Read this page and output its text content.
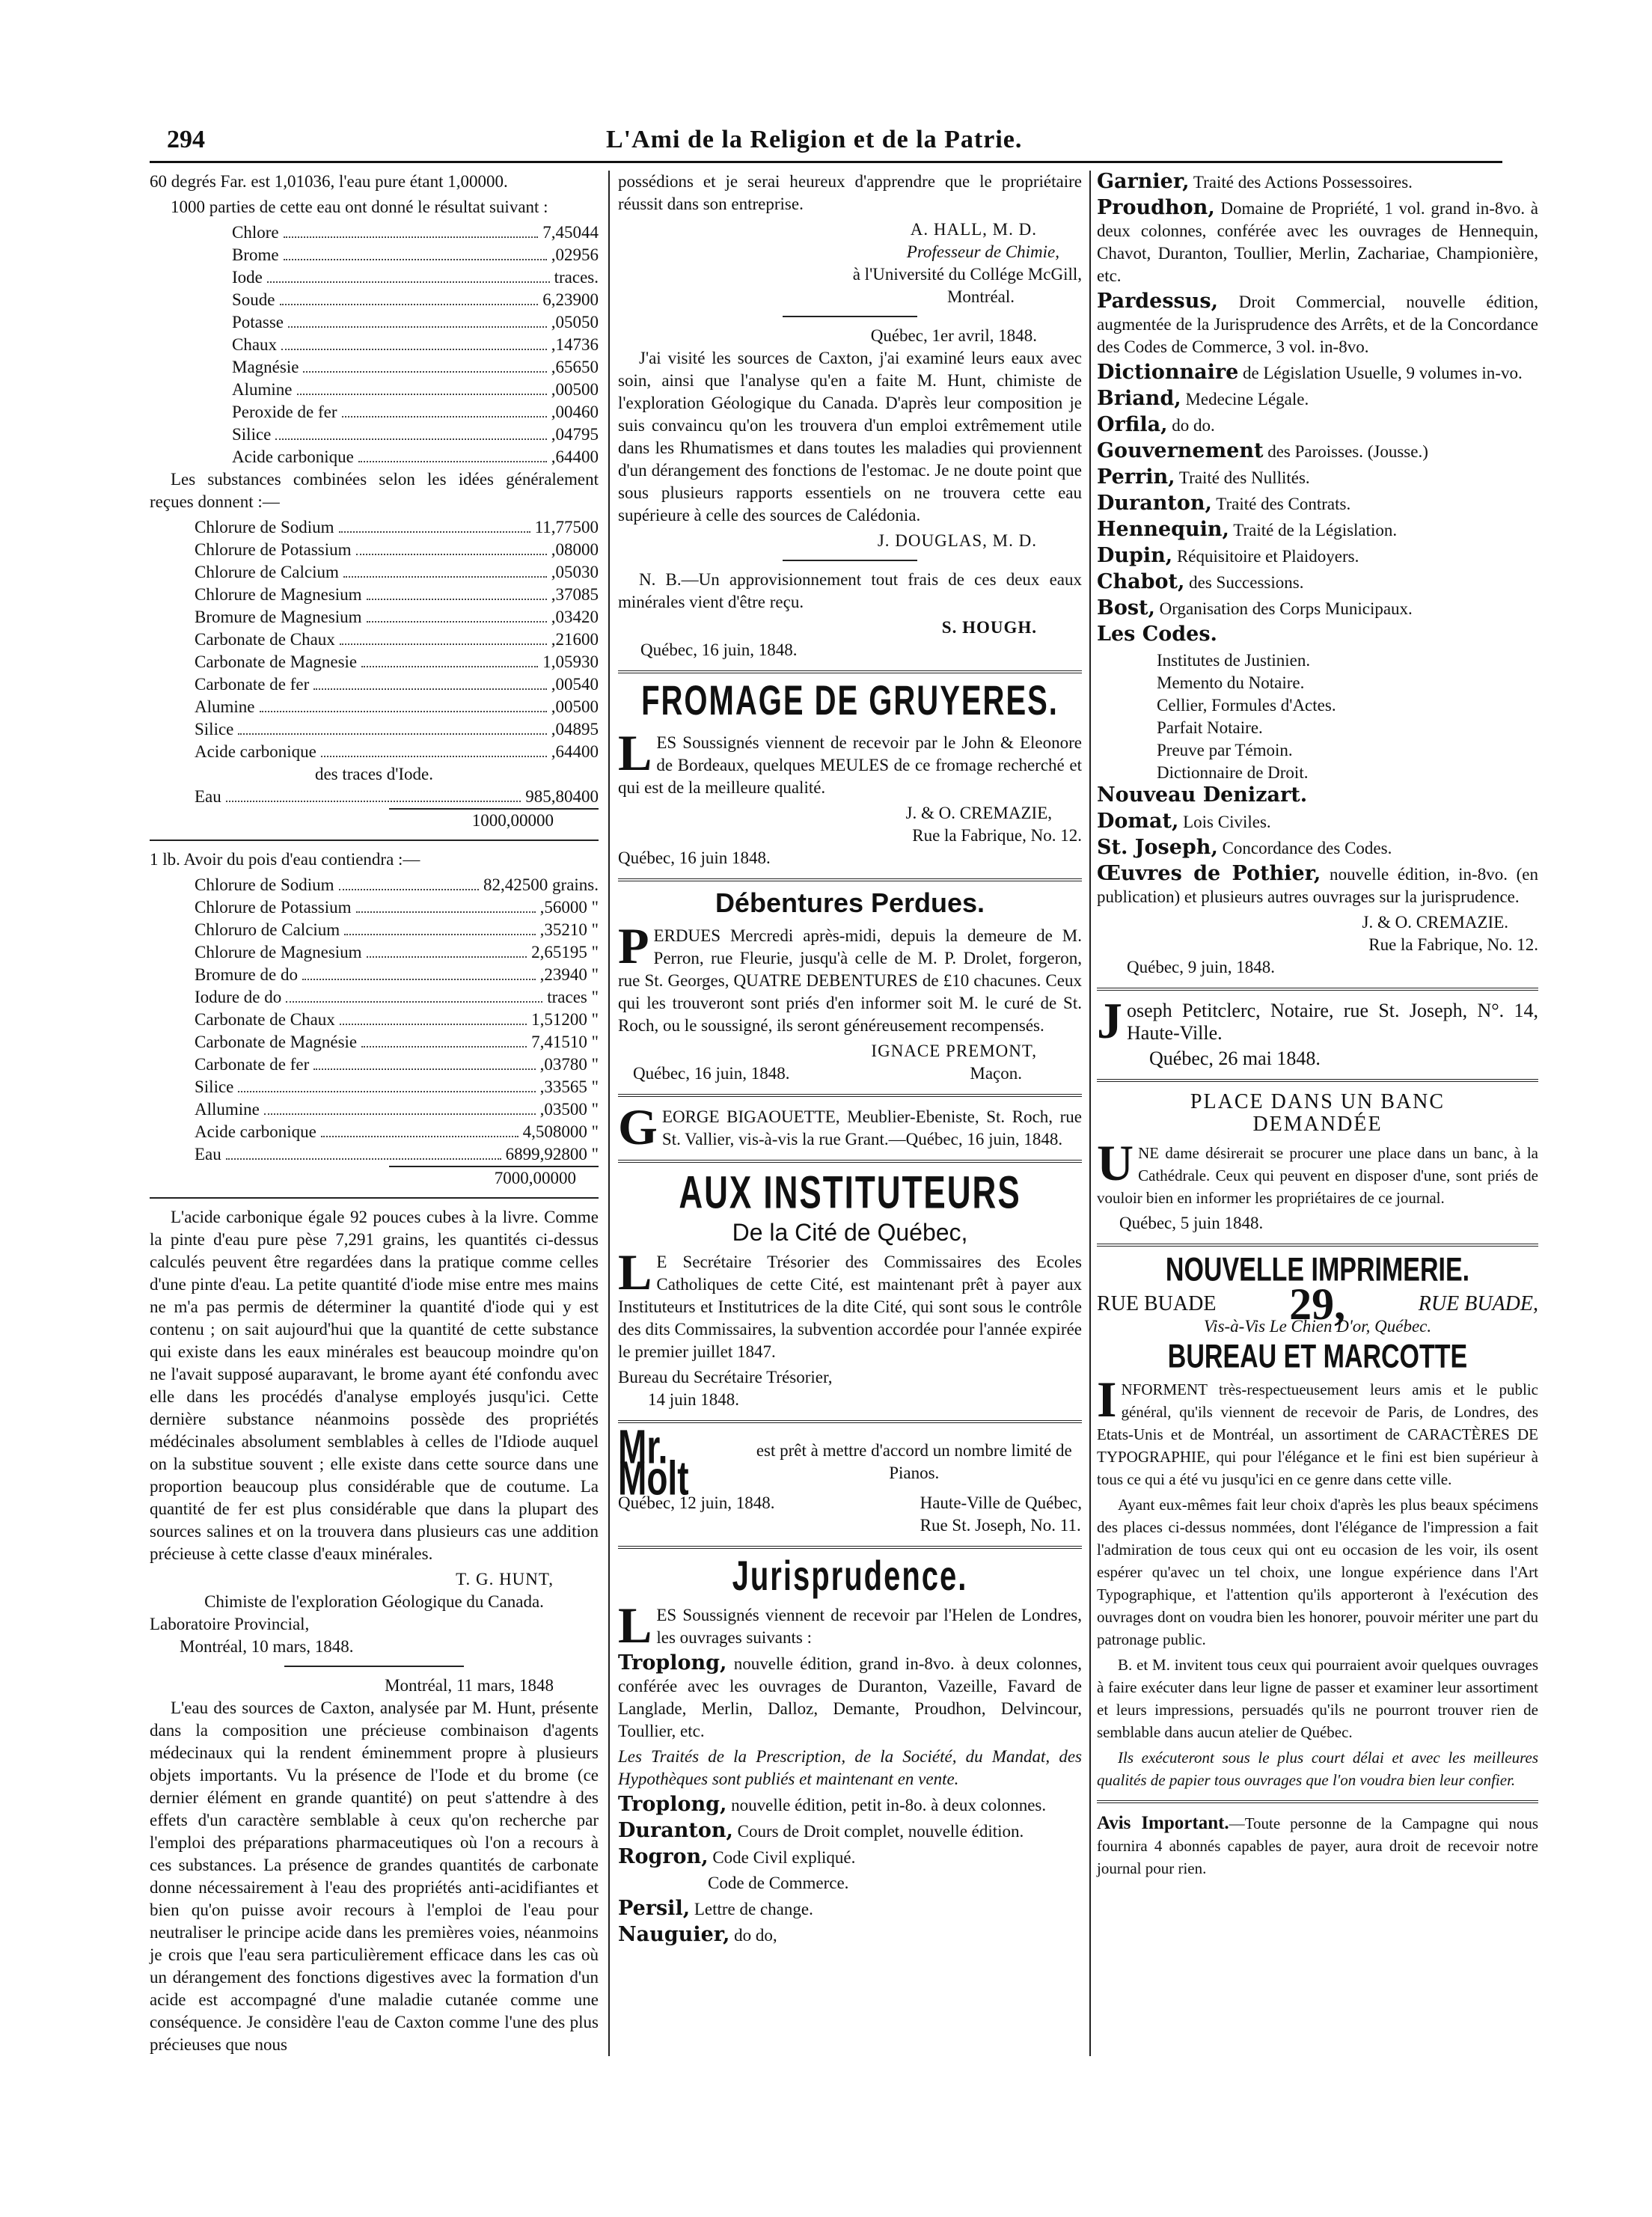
294	L'Ami de la Religion et de la Patrie.

60 degrés Far. est 1,01036, l'eau pure étant 1,00000.

1000 parties de cette eau ont donné le résultat suivant :

Chlore	7,45044
Brome	,02956
Iode	traces.
Soude	6,23900
Potasse	,05050
Chaux	,14736
Magnésie	,65650
Alumine	,00500
Peroxide de fer	,00460
Silice	,04795
Acide carbonique	,64400

Les substances combinées selon les idées généralement reçues donnent :—

Chlorure de Sodium	11,77500
Chlorure de Potassium	,08000
Chlorure de Calcium	,05030
Chlorure de Magnesium	,37085
Bromure de Magnesium	,03420
Carbonate de Chaux	,21600
Carbonate de Magnesie	1,05930
Carbonate de fer	,00540
Alumine	,00500
Silice	,04895
Acide carbonique	,64400
des traces d'Iode.
Eau	985,80400
1000,00000

1 lb. Avoir du pois d'eau contiendra :—

Chlorure de Sodium	82,42500 grains.
Chlorure de Potassium	,56000 "
Chloruro de Calcium	,35210 "
Chlorure de Magnesium	2,65195 "
Bromure de do	,23940 "
Iodure de do	traces "
Carbonate de Chaux	1,51200 "
Carbonate de Magnésie	7,41510 "
Carbonate de fer	,03780 "
Silice	,33565 "
Allumine	,03500 "
Acide carbonique	4,508000 "
Eau	6899,92800 "
7000,00000

L'acide carbonique égale 92 pouces cubes à la livre. Comme la pinte d'eau pure pèse 7,291 grains, les quantités ci-dessus calculés peuvent être regardées dans la pratique comme celles d'une pinte d'eau. La petite quantité d'iode mise entre mes mains ne m'a pas permis de déterminer la quantité d'iode qui y est contenu ; on sait aujourd'hui que la quantité de cette substance qui existe dans les eaux minérales est beaucoup moindre qu'on ne l'avait supposé auparavant, le brome ayant été confondu avec elle dans les procédés d'analyse employés jusqu'ici. Cette dernière substance néanmoins possède des propriétés médécinales absolument semblables à celles de l'Idiode auquel on la substitue souvent ; elle existe dans cette source dans une proportion beaucoup plus considérable que de coutume. La quantité de fer est plus considérable que dans la plupart des sources salines et on la trouvera dans plusieurs cas une addition précieuse à cette classe d'eaux minérales.

T. G. HUNT,
Chimiste de l'exploration Géologique du Canada.
Laboratoire Provincial,
Montréal, 10 mars, 1848.
Montréal, 11 mars, 1848

L'eau des sources de Caxton, analysée par M. Hunt, présente dans la composition une précieuse combinaison d'agents médecinaux qui la rendent éminemment propre à plusieurs objets importants. Vu la présence de l'Iode et du brome (ce dernier élément en grande quantité) on peut s'attendre à des effets d'un caractère semblable à ceux qu'on recherche par l'emploi des préparations pharmaceutiques où l'on a recours à ces substances. La présence de grandes quantités de carbonate donne nécessairement à l'eau des propriétés anti-acidifiantes et bien qu'on puisse avoir recours à l'emploi de l'eau pour neutraliser le principe acide dans les premières voies, néanmoins je crois que l'eau sera particulièrement efficace dans les cas où un dérangement des fonctions digestives avec la formation d'un acide est accompagné d'une maladie cutanée comme une conséquence. Je considère l'eau de Caxton comme l'une des plus précieuses que nous

possédions et je serai heureux d'apprendre que le propriétaire réussit dans son entreprise.

A. HALL, M. D.
Professeur de Chimie,
à l'Université du Collége McGill,
Montréal.
Québec, 1er avril, 1848.

J'ai visité les sources de Caxton, j'ai examiné leurs eaux avec soin, ainsi que l'analyse qu'en a faite M. Hunt, chimiste de l'exploration Géologique du Canada. D'après leur composition je suis convaincu qu'on les trouvera d'un emploi extrêmement utile dans les Rhumatismes et dans toutes les maladies qui proviennent d'un dérangement des fonctions de l'estomac. Je ne doute point que sous plusieurs rapports essentiels on ne trouvera cette eau supérieure à celle des sources de Calédonia.

J. DOUGLAS, M. D.

N. B.—Un approvisionnement tout frais de ces deux eaux minérales vient d'être reçu.

S. HOUGH.
Québec, 16 juin, 1848.
FROMAGE DE GRUYERES.

LES Soussignés viennent de recevoir par le John & Eleonore de Bordeaux, quelques MEULES de ce fromage recherché et qui est de la meilleure qualité.

J. & O. CREMAZIE,
Rue la Fabrique, No. 12.
Québec, 16 juin 1848.
Débentures Perdues.

PERDUES Mercredi après-midi, depuis la demeure de M. Perron, rue Fleurie, jusqu'à celle de M. P. Drolet, forgeron, rue St. Georges, QUATRE DEBENTURES de £10 chacunes. Ceux qui les trouveront sont priés d'en informer soit M. le curé de St. Roch, ou le soussigné, ils seront généreusement recompensés.

IGNACE PREMONT,
Québec, 16 juin, 1848.	Maçon.

GEORGE BIGAOUETTE, Meublier-Ebeniste, St. Roch, rue St. Vallier, vis-à-vis la rue Grant.—Québec, 16 juin, 1848.

AUX INSTITUTEURS
De la Cité de Québec,

L E Secrétaire Trésorier des Commissaires des Ecoles Catholiques de cette Cité, est maintenant prêt à payer aux Instituteurs et Institutrices de la dite Cité, qui sont sous le contrôle des dits Commissaires, la subvention accordée pour l'année expirée le premier juillet 1847.

Bureau du Secrétaire Trésorier,
14 juin 1848.
Mr. Molt
est prêt à mettre d'accord un nombre limité de Pianos.
Québec, 12 juin, 1848.	Haute-Ville de Québec,
Rue St. Joseph, No. 11.
Jurisprudence.

LES Soussignés viennent de recevoir par l'Helen de Londres, les ouvrages suivants :

Troplong, nouvelle édition, grand in-8vo. à deux colonnes, conférée avec les ouvrages de Duranton, Vazeille, Favard de Langlade, Merlin, Dalloz, Demante, Proudhon, Delvincour, Toullier, etc.

Les Traités de la Prescription, de la Société, du Mandat, des Hypothèques sont publiés et maintenant en vente.

Troplong, nouvelle édition, petit in-8o. à deux colonnes.

Duranton, Cours de Droit complet, nouvelle édition.

Rogron, Code Civil expliqué.

Code de Commerce.

Persil, Lettre de change.

Nauguier, do do,

Garnier, Traité des Actions Possessoires.

Proudhon, Domaine de Propriété, 1 vol. grand in-8vo. à deux colonnes, conférée avec les ouvrages de Hennequin, Chavot, Duranton, Toullier, Merlin, Zachariae, Championière, etc.

Pardessus, Droit Commercial, nouvelle édition, augmentée de la Jurisprudence des Arrêts, et de la Concordance des Codes de Commerce, 3 vol. in-8vo.

Dictionnaire de Législation Usuelle, 9 volumes in-vo.

Briand, Medecine Légale.

Orfila, do do.

Gouvernement des Paroisses. (Jousse.)

Perrin, Traité des Nullités.

Duranton, Traité des Contrats.

Hennequin, Traité de la Législation.

Dupin, Réquisitoire et Plaidoyers.

Chabot, des Successions.

Bost, Organisation des Corps Municipaux.

Les Codes.

Institutes de Justinien.
Memento du Notaire.
Cellier, Formules d'Actes.
Parfait Notaire.
Preuve par Témoin.
Dictionnaire de Droit.

Nouveau Denizart.

Domat, Lois Civiles.

St. Joseph, Concordance des Codes.

Œuvres de Pothier, nouvelle édition, in-8vo. (en publication) et plusieurs autres ouvrages sur la jurisprudence.

J. & O. CREMAZIE.
Rue la Fabrique, No. 12.
Québec, 9 juin, 1848.

Joseph Petitclerc, Notaire, rue St. Joseph, N°. 14, Haute-Ville.

Québec, 26 mai 1848.
PLACE DANS UN BANC
DEMANDÉE

UNE dame désirerait se procurer une place dans un banc, à la Cathédrale. Ceux qui peuvent en disposer d'une, sont priés de vouloir bien en informer les propriétaires de ce journal.

Québec, 5 juin 1848.
NOUVELLE IMPRIMERIE.
RUE BUADE 29,	RUE BUADE,
Vis-à-Vis Le Chien D'or, Québec.
BUREAU ET MARCOTTE

INFORMENT très-respectueusement leurs amis et le public général, qu'ils viennent de recevoir de Paris, de Londres, des Etats-Unis et de Montréal, un assortiment de CARACTÈRES DE TYPOGRAPHIE, qui pour l'élégance et le fini est bien supérieur à tous ce qui a été vu jusqu'ici en ce genre dans cette ville.

Ayant eux-mêmes fait leur choix d'après les plus beaux spécimens des places ci-dessus nommées, dont l'élégance de l'impression a fait l'admiration de tous ceux qui ont eu occasion de les voir, ils osent espérer qu'avec un tel choix, une longue expérience dans l'Art Typographique, et l'attention qu'ils apporteront à l'exécution des ouvrages dont on voudra bien les honorer, pouvoir mériter une part du patronage public.

B. et M. invitent tous ceux qui pourraient avoir quelques ouvrages à faire exécuter dans leur ligne de passer et examiner leur assortiment et leurs impressions, persuadés qu'ils ne pourront trouver rien de semblable dans aucun atelier de Québec.

Ils exécuteront sous le plus court délai et avec les meilleures qualités de papier tous ouvrages que l'on voudra bien leur confier.

Avis Important.—Toute personne de la Campagne qui nous fournira 4 abonnés capables de payer, aura droit de recevoir notre journal pour rien.
